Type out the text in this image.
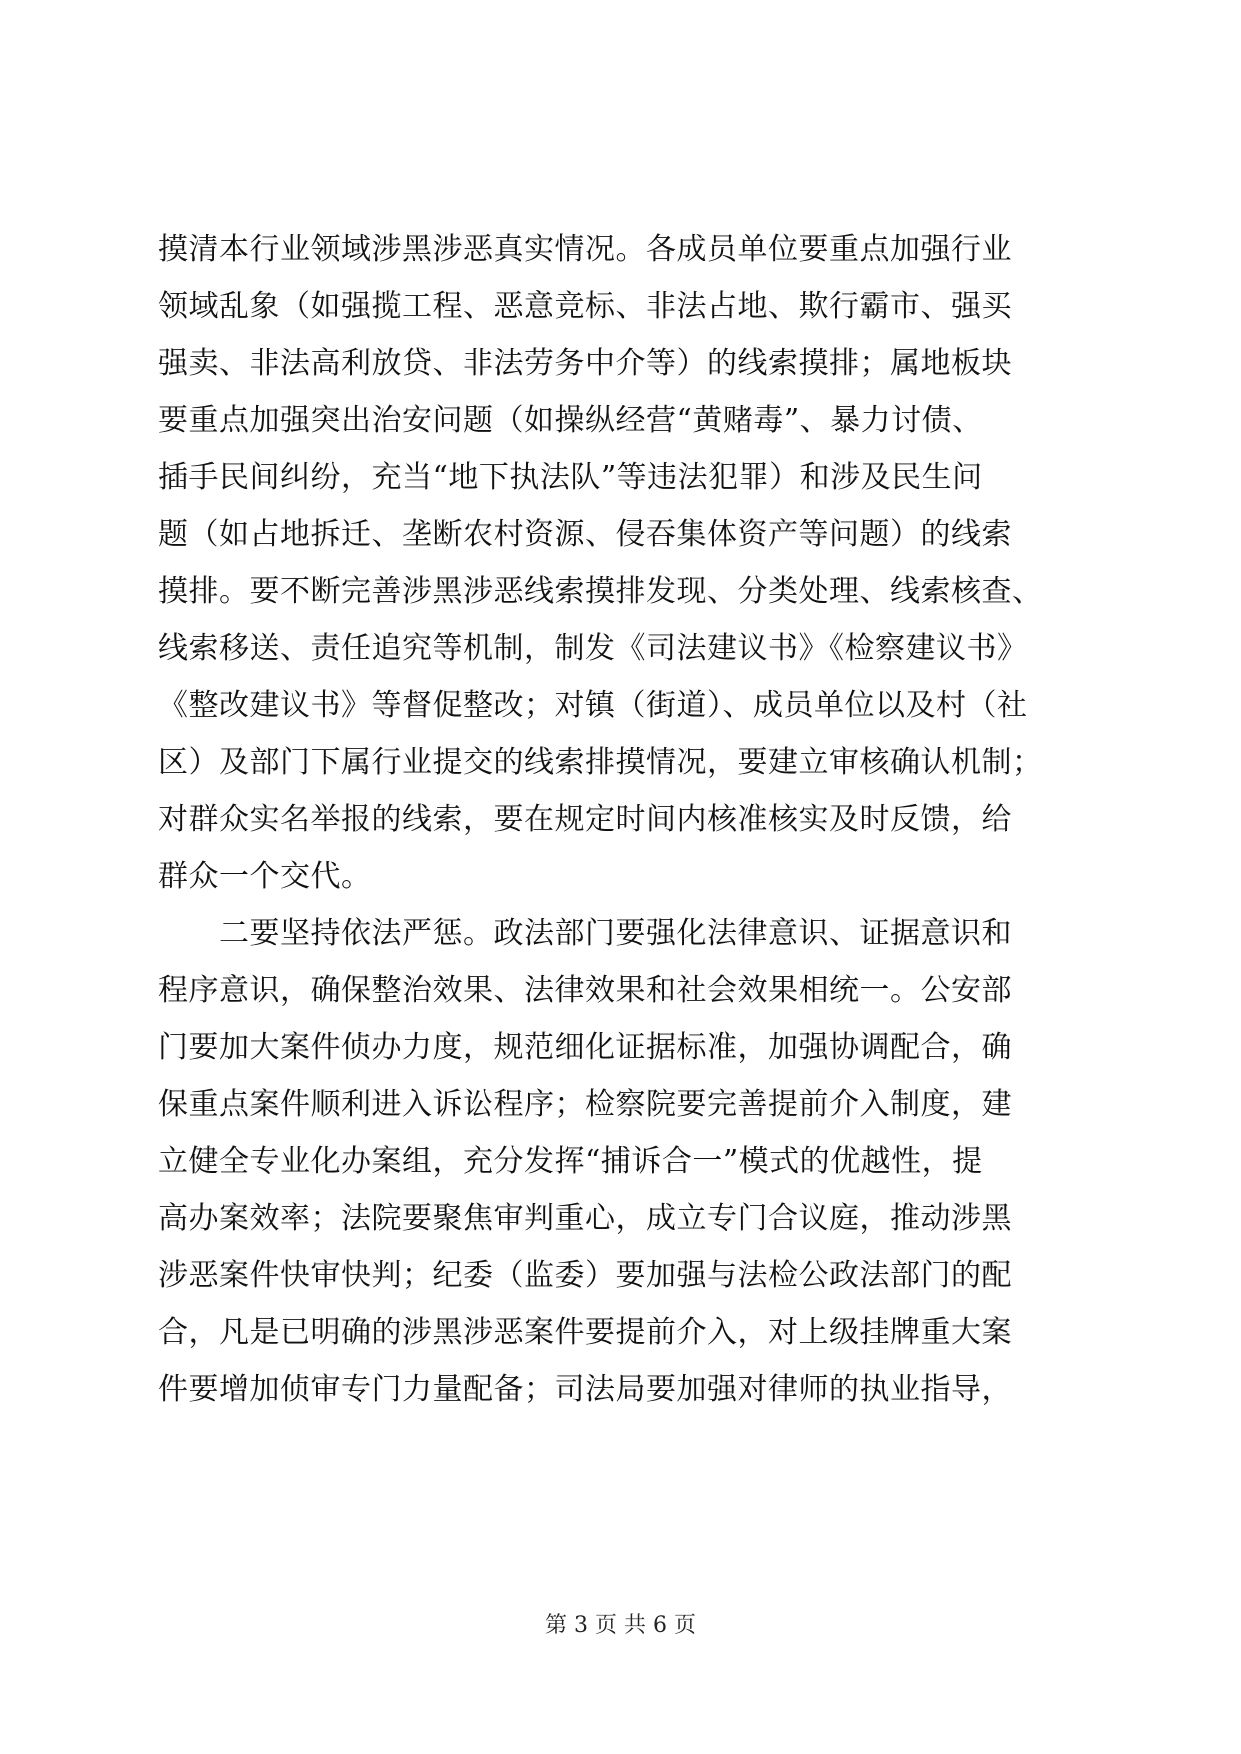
摸清本行业领域涉黑涉恶真实情况。各成员单位要重点加强行业
领域乱象（如强揽工程、恶意竞标、非法占地、欺行霸市、强买
强卖、非法高利放贷、非法劳务中介等）的线索摸排；属地板块
要重点加强突出治安问题（如操纵经营“黄赌毒”、暴力讨债、
插手民间纠纷，充当“地下执法队”等违法犯罪）和涉及民生问
题（如占地拆迁、垄断农村资源、侵吞集体资产等问题）的线索
摸排。要不断完善涉黑涉恶线索摸排发现、分类处理、线索核查、
线索移送、责任追究等机制，制发《司法建议书》《检察建议书》
《整改建议书》等督促整改；对镇（街道）、成员单位以及村（社
区）及部门下属行业提交的线索排摸情况，要建立审核确认机制；
对群众实名举报的线索，要在规定时间内核准核实及时反馈，给
群众一个交代。
　　二要坚持依法严惩。政法部门要强化法律意识、证据意识和
程序意识，确保整治效果、法律效果和社会效果相统一。公安部
门要加大案件侦办力度，规范细化证据标准，加强协调配合，确
保重点案件顺利进入诉讼程序；检察院要完善提前介入制度，建
立健全专业化办案组，充分发挥“捕诉合一”模式的优越性，提
高办案效率；法院要聚焦审判重心，成立专门合议庭，推动涉黑
涉恶案件快审快判；纪委（监委）要加强与法检公政法部门的配
合，凡是已明确的涉黑涉恶案件要提前介入，对上级挂牌重大案
件要增加侦审专门力量配备；司法局要加强对律师的执业指导，
第 3 页 共 6 页
